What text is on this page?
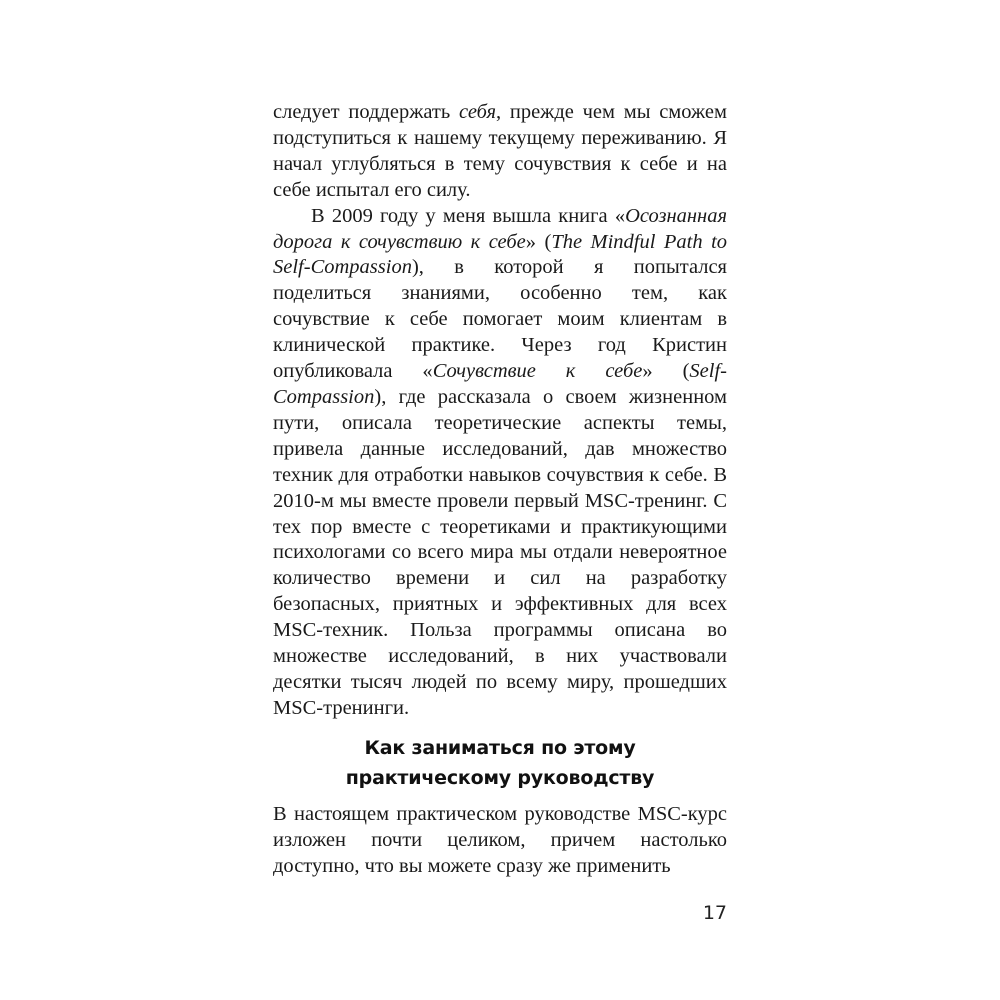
следует поддержать себя, прежде чем мы сможем подступиться к нашему текущему переживанию. Я начал углубляться в тему сочувствия к себе и на себе испытал его силу.

В 2009 году у меня вышла книга «Осознанная дорога к сочувствию к себе» (The Mindful Path to Self-Compassion), в которой я попытался поделиться знаниями, особенно тем, как сочувствие к себе помогает моим клиентам в клинической практике. Через год Кристин опубликовала «Сочувствие к себе» (Self-Compassion), где рассказала о своем жизненном пути, описала теоретические аспекты темы, привела данные исследований, дав множество техник для отработки навыков сочувствия к себе. В 2010-м мы вместе провели первый MSC-тренинг. С тех пор вместе с теоретиками и практикующими психологами со всего мира мы отдали невероятное количество времени и сил на разработку безопасных, приятных и эффективных для всех MSC-техник. Польза программы описана во множестве исследований, в них участвовали десятки тысяч людей по всему миру, прошедших MSC-тренинги.

Как заниматься по этому
практическому руководству

В настоящем практическом руководстве MSC-курс изложен почти целиком, причем настолько доступно, что вы можете сразу же применить

17
